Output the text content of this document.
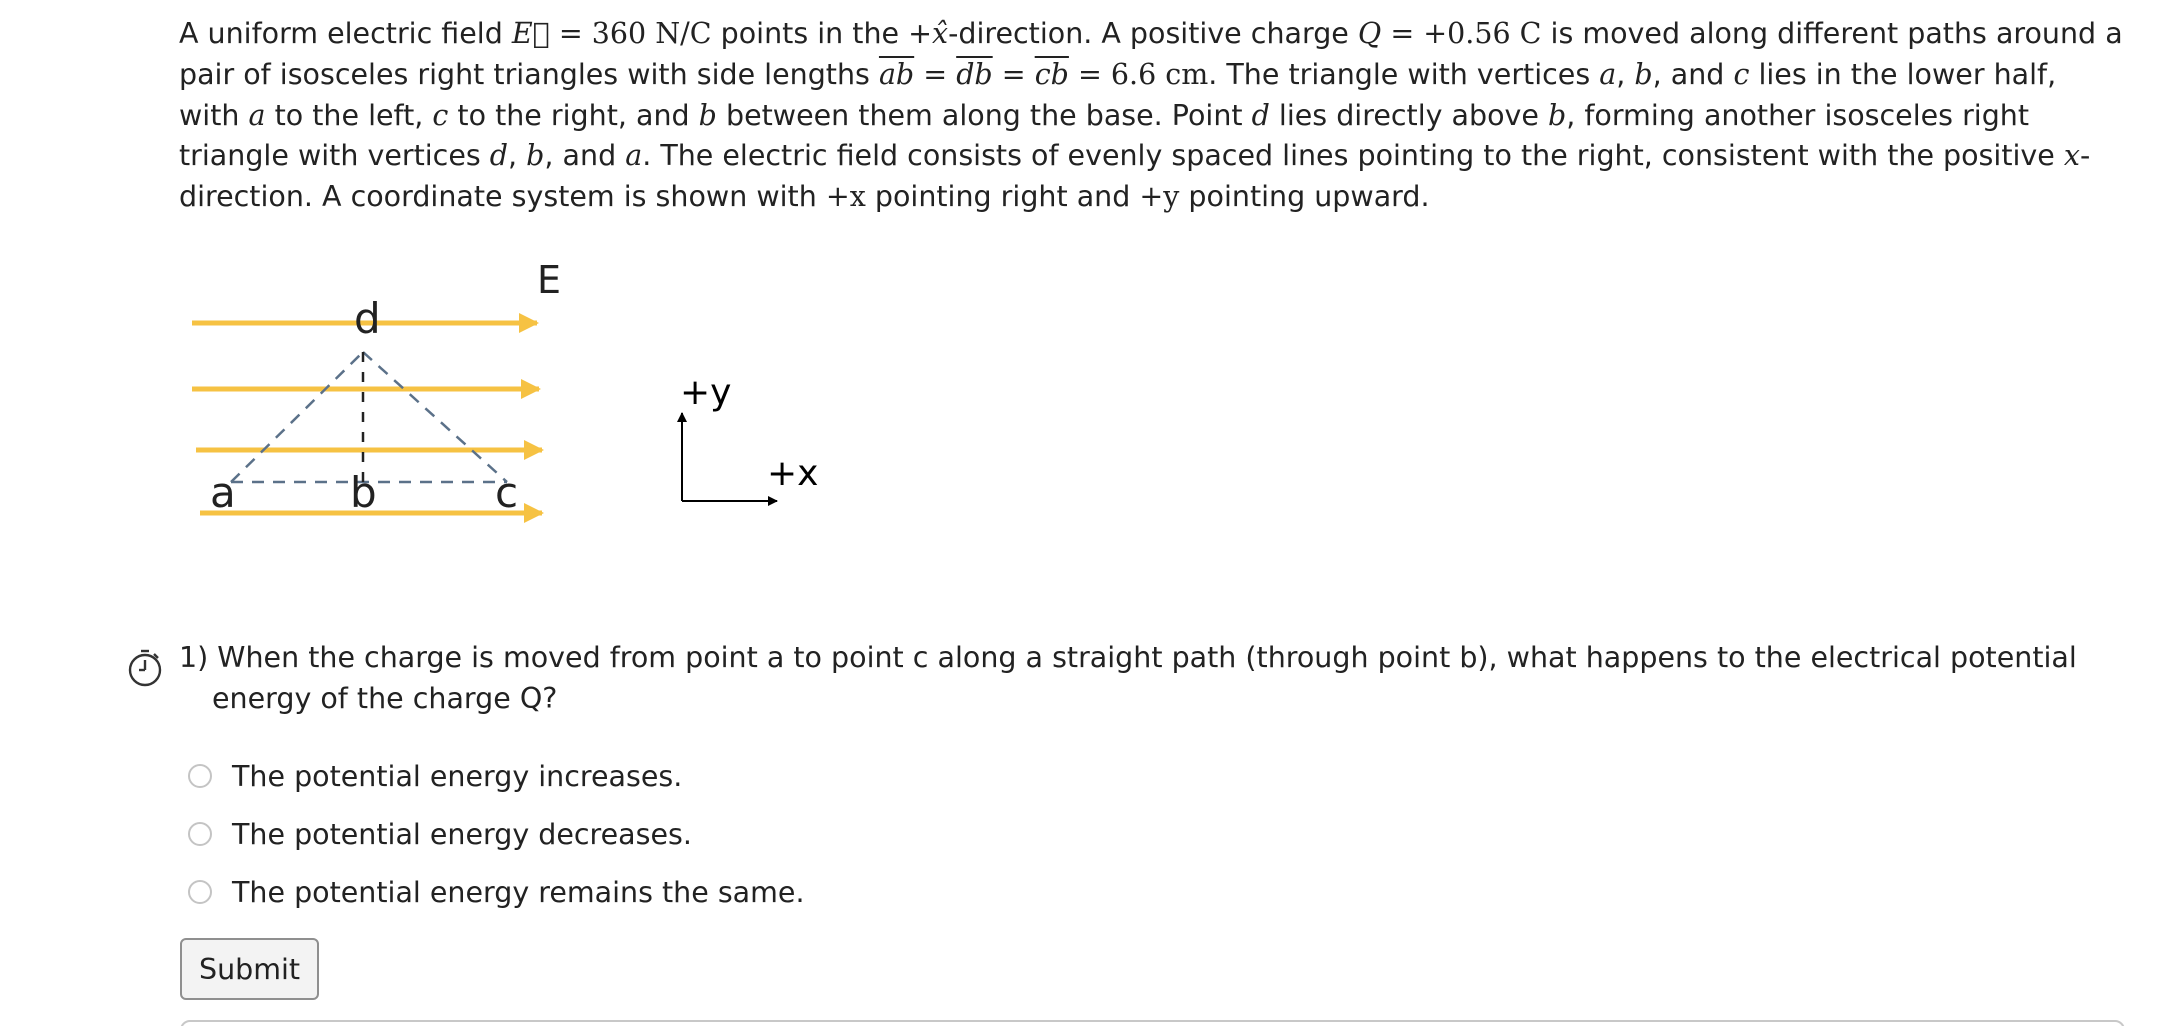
A uniform electric field E⃗ = 360 N/C points in the +x̂-direction. A positive charge Q = +0.56 C is moved along different paths around a pair of isosceles right triangles with side lengths $\overline{ab} = \overline{db} = \overline{cb} = 6.6$ cm. The triangle with vertices a, b, and c lies in the lower half, with a to the left, c to the right, and b between them along the base. Point d lies directly above b, forming another isosceles right triangle with vertices d, b, and a. The electric field consists of evenly spaced lines pointing to the right, consistent with the positive x-direction. A coordinate system is shown with +x pointing right and +y pointing upward.

E
d
a	b	c
+y
+x
1) When the charge is moved from point a to point c along a straight path (through point b), what happens to the electrical potential energy of the charge Q?
The potential energy increases.
The potential energy decreases.
The potential energy remains the same.
Submit
